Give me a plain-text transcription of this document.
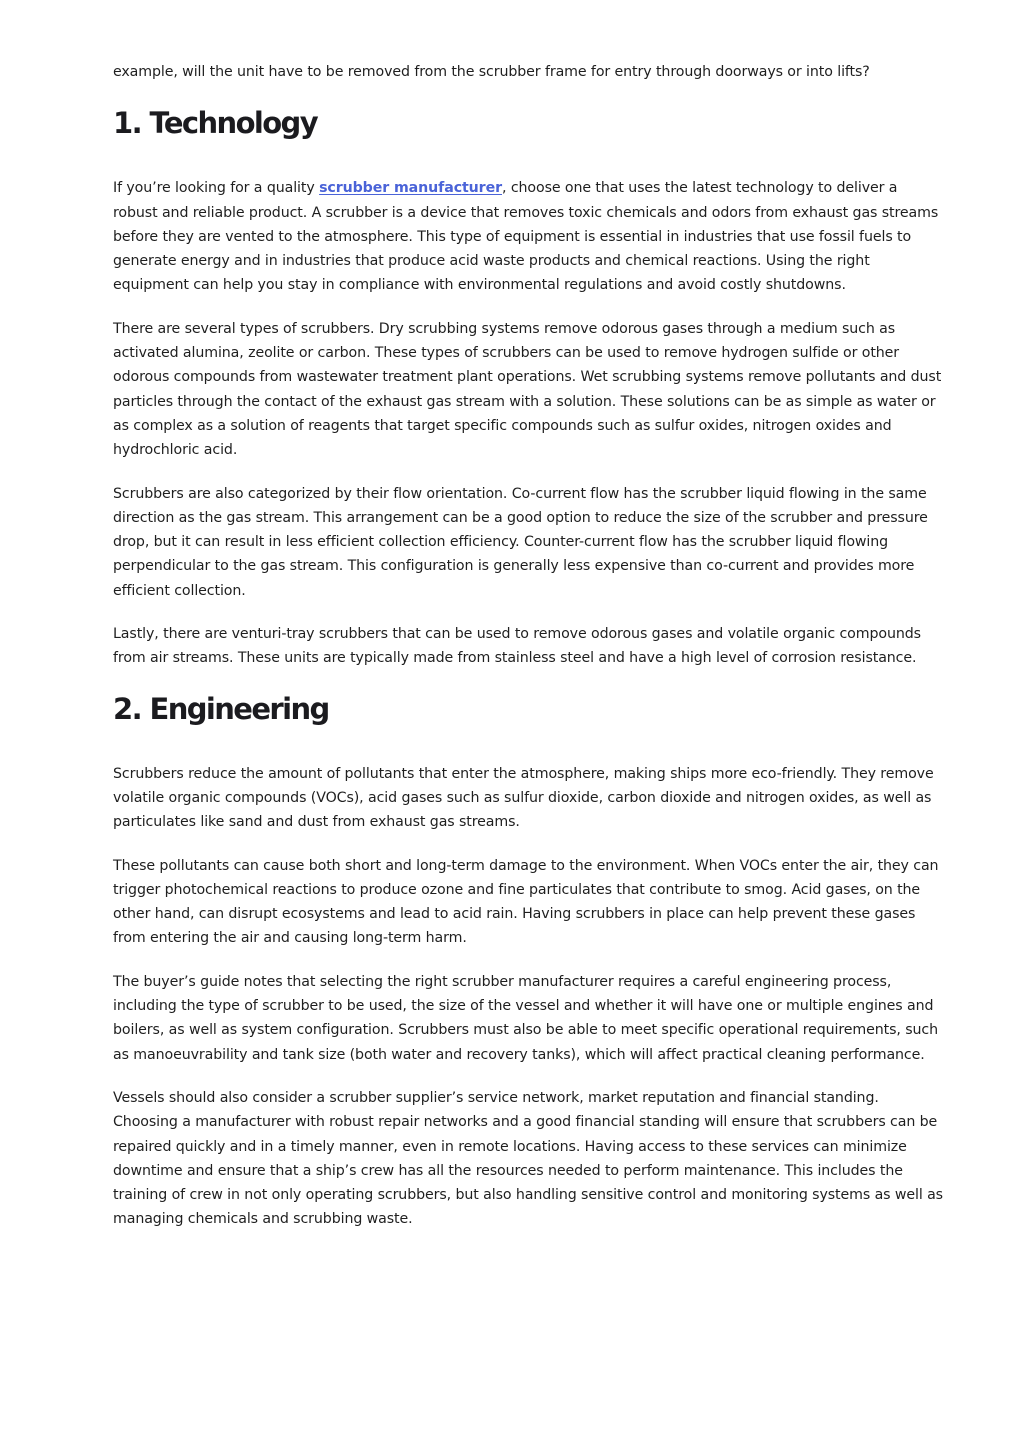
example, will the unit have to be removed from the scrubber frame for entry through doorways or into lifts?

1. Technology

If you’re looking for a quality scrubber manufacturer, choose one that uses the latest technology to deliver a robust and reliable product. A scrubber is a device that removes toxic chemicals and odors from exhaust gas streams before they are vented to the atmosphere. This type of equipment is essential in industries that use fossil fuels to generate energy and in industries that produce acid waste products and chemical reactions. Using the right equipment can help you stay in compliance with environmental regulations and avoid costly shutdowns.

There are several types of scrubbers. Dry scrubbing systems remove odorous gases through a medium such as activated alumina, zeolite or carbon. These types of scrubbers can be used to remove hydrogen sulfide or other odorous compounds from wastewater treatment plant operations. Wet scrubbing systems remove pollutants and dust particles through the contact of the exhaust gas stream with a solution. These solutions can be as simple as water or as complex as a solution of reagents that target specific compounds such as sulfur oxides, nitrogen oxides and hydrochloric acid.

Scrubbers are also categorized by their flow orientation. Co-current flow has the scrubber liquid flowing in the same direction as the gas stream. This arrangement can be a good option to reduce the size of the scrubber and pressure drop, but it can result in less efficient collection efficiency. Counter-current flow has the scrubber liquid flowing perpendicular to the gas stream. This configuration is generally less expensive than co-current and provides more efficient collection.

Lastly, there are venturi-tray scrubbers that can be used to remove odorous gases and volatile organic compounds from air streams. These units are typically made from stainless steel and have a high level of corrosion resistance.

2. Engineering

Scrubbers reduce the amount of pollutants that enter the atmosphere, making ships more eco-friendly. They remove volatile organic compounds (VOCs), acid gases such as sulfur dioxide, carbon dioxide and nitrogen oxides, as well as particulates like sand and dust from exhaust gas streams.

These pollutants can cause both short and long-term damage to the environment. When VOCs enter the air, they can trigger photochemical reactions to produce ozone and fine particulates that contribute to smog. Acid gases, on the other hand, can disrupt ecosystems and lead to acid rain. Having scrubbers in place can help prevent these gases from entering the air and causing long-term harm.

The buyer’s guide notes that selecting the right scrubber manufacturer requires a careful engineering process, including the type of scrubber to be used, the size of the vessel and whether it will have one or multiple engines and boilers, as well as system configuration. Scrubbers must also be able to meet specific operational requirements, such as manoeuvrability and tank size (both water and recovery tanks), which will affect practical cleaning performance.

Vessels should also consider a scrubber supplier’s service network, market reputation and financial standing. Choosing a manufacturer with robust repair networks and a good financial standing will ensure that scrubbers can be repaired quickly and in a timely manner, even in remote locations. Having access to these services can minimize downtime and ensure that a ship’s crew has all the resources needed to perform maintenance. This includes the training of crew in not only operating scrubbers, but also handling sensitive control and monitoring systems as well as managing chemicals and scrubbing waste.
